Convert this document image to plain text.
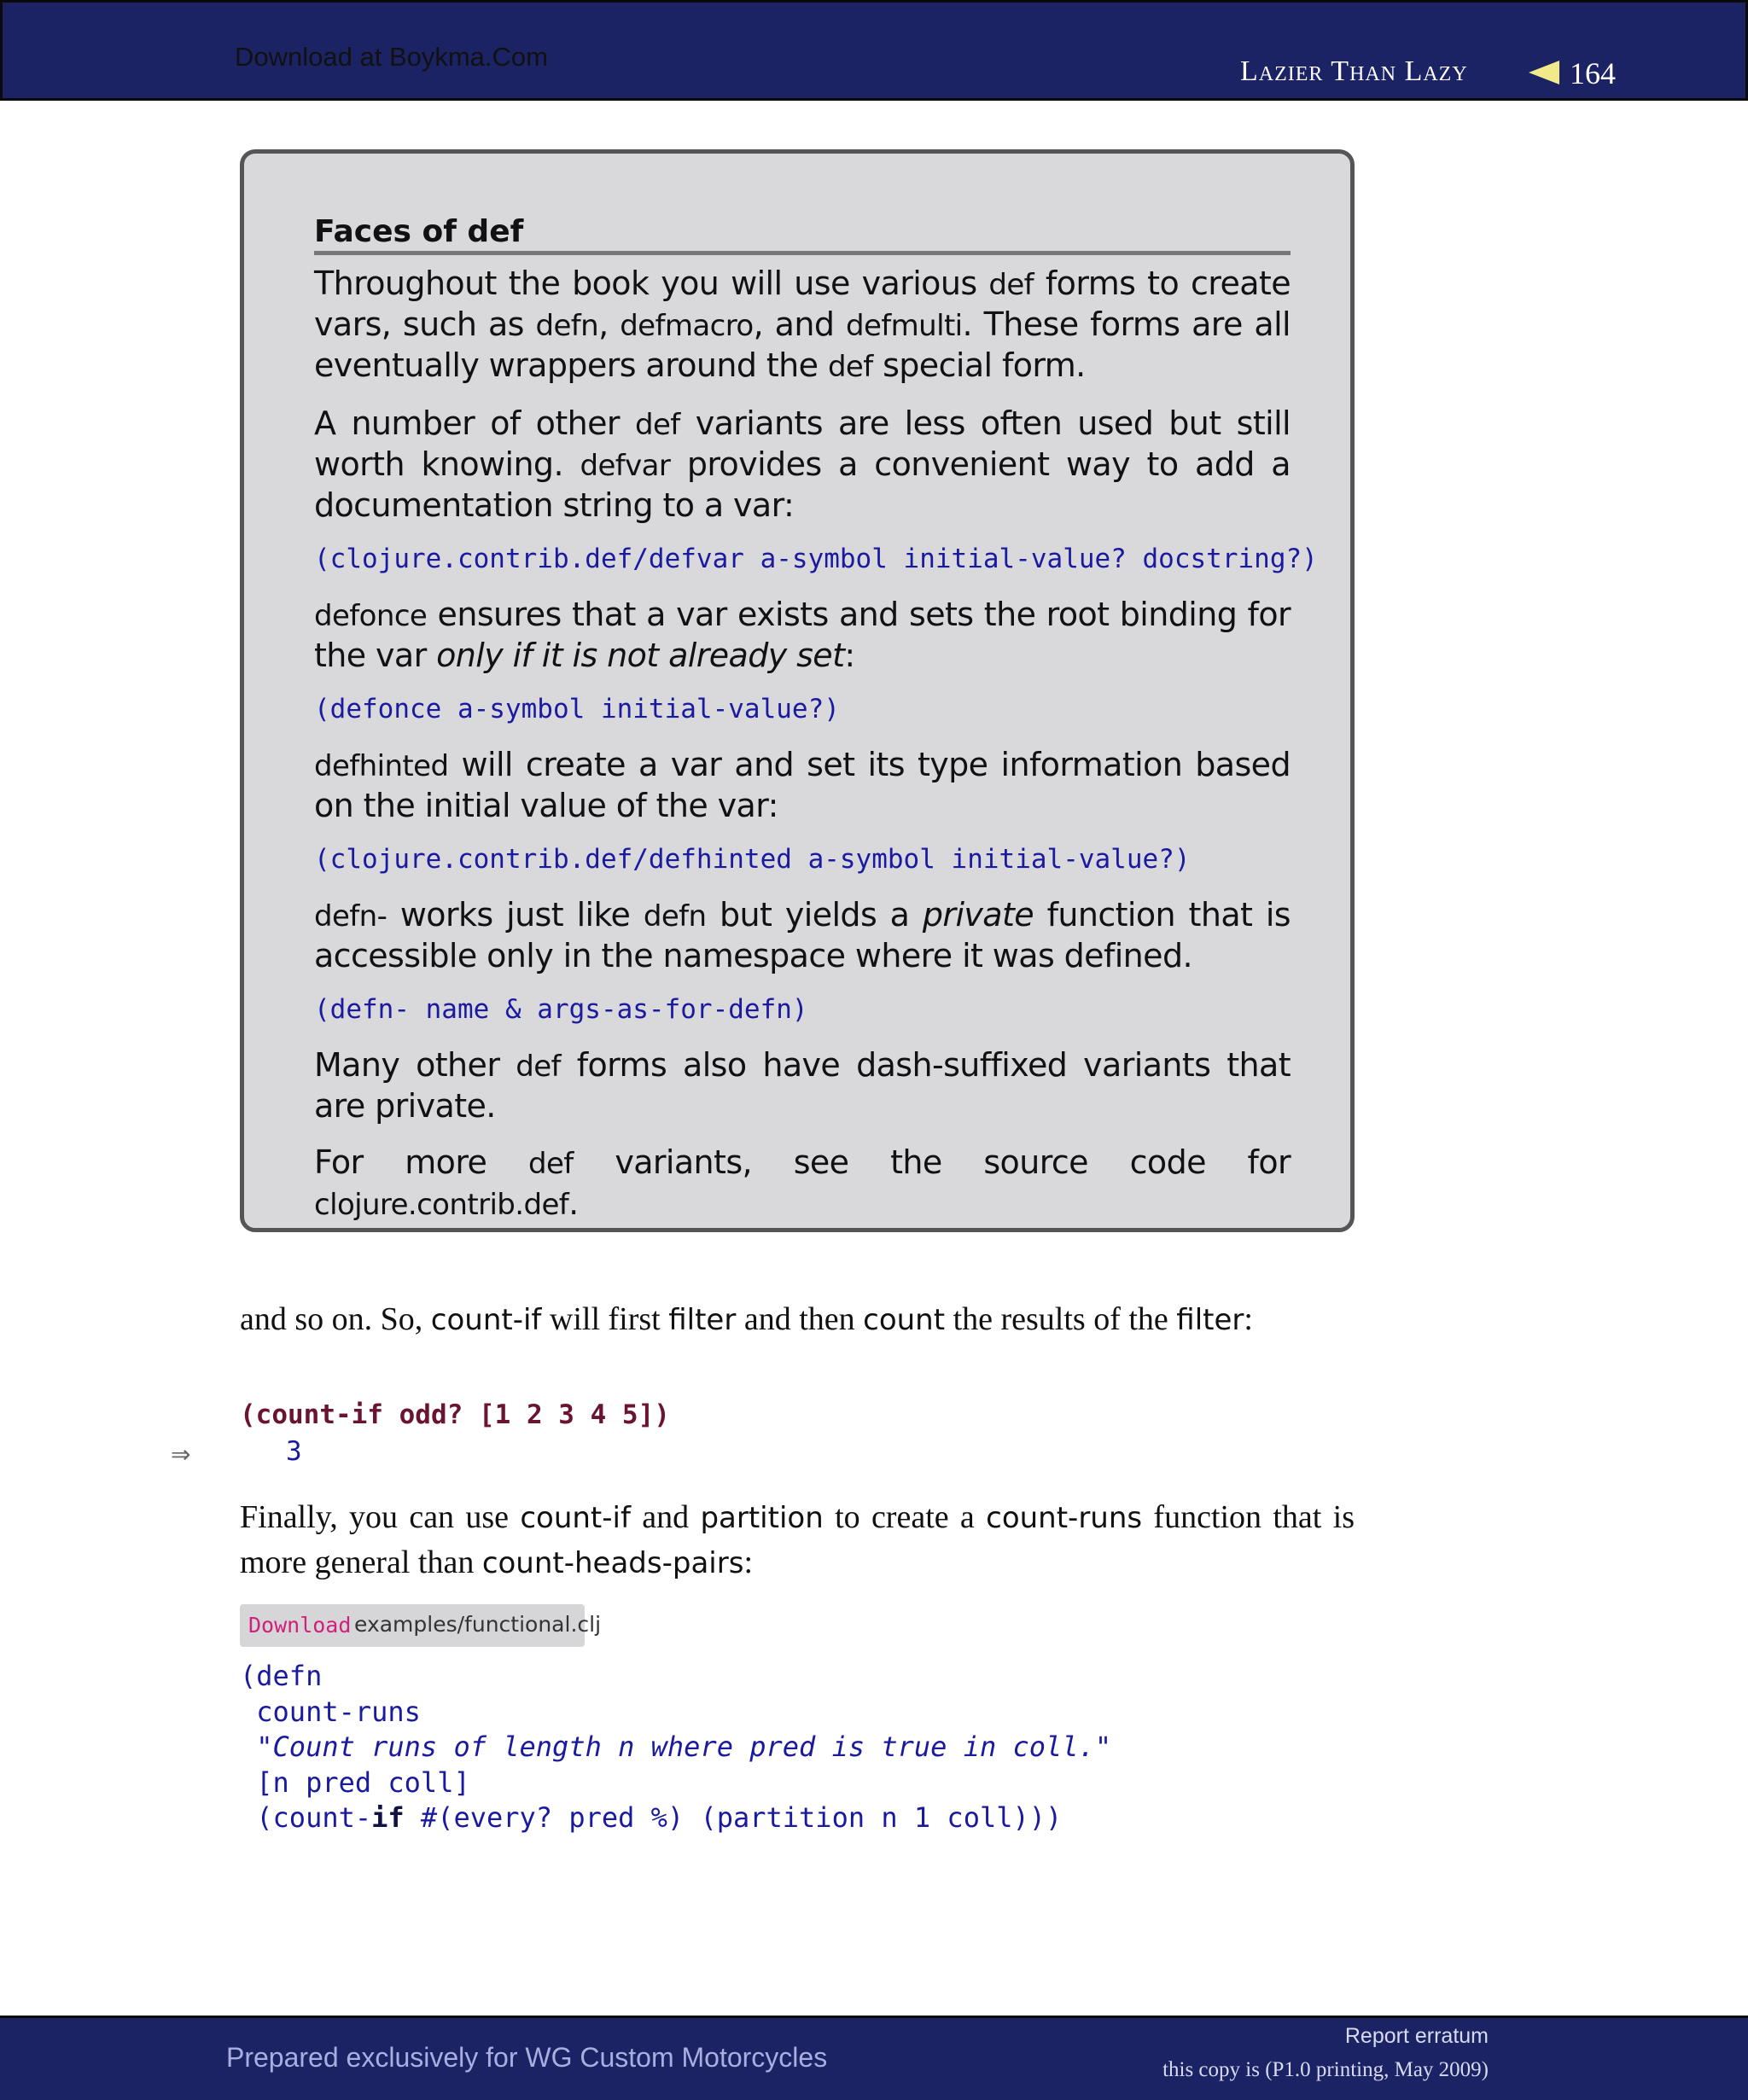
Download at Boykma.Com	Lazier Than Lazy	164
Faces of def

Throughout the book you will use various def forms to create vars, such as defn, defmacro, and defmulti. These forms are all eventually wrappers around the def special form.

A number of other def variants are less often used but still worth knowing. defvar provides a convenient way to add a documentation string to a var:

(clojure.contrib.def/defvar a-symbol initial-value? docstring?)

defonce ensures that a var exists and sets the root binding for the var only if it is not already set:

(defonce a-symbol initial-value?)

defhinted will create a var and set its type information based on the initial value of the var:

(clojure.contrib.def/defhinted a-symbol initial-value?)

defn- works just like defn but yields a private function that is accessible only in the namespace where it was defined.

(defn- name & args-as-for-defn)

Many other def forms also have dash-suffixed variants that are private.

For more def variants, see the source code for clojure.contrib.def.

and so on. So, count-if will first filter and then count the results of the filter:

(count-if odd? [1 2 3 4 5])
⇒	3

Finally, you can use count-if and partition to create a count-runs function that is more general than count-heads-pairs:

Download examples/functional.clj
(defn
count-runs
"Count runs of length n where pred is true in coll."
[n pred coll]
(count-if #(every? pred %) (partition n 1 coll)))
Prepared exclusively for WG Custom Motorcycles
Report erratum
this copy is (P1.0 printing, May 2009)
